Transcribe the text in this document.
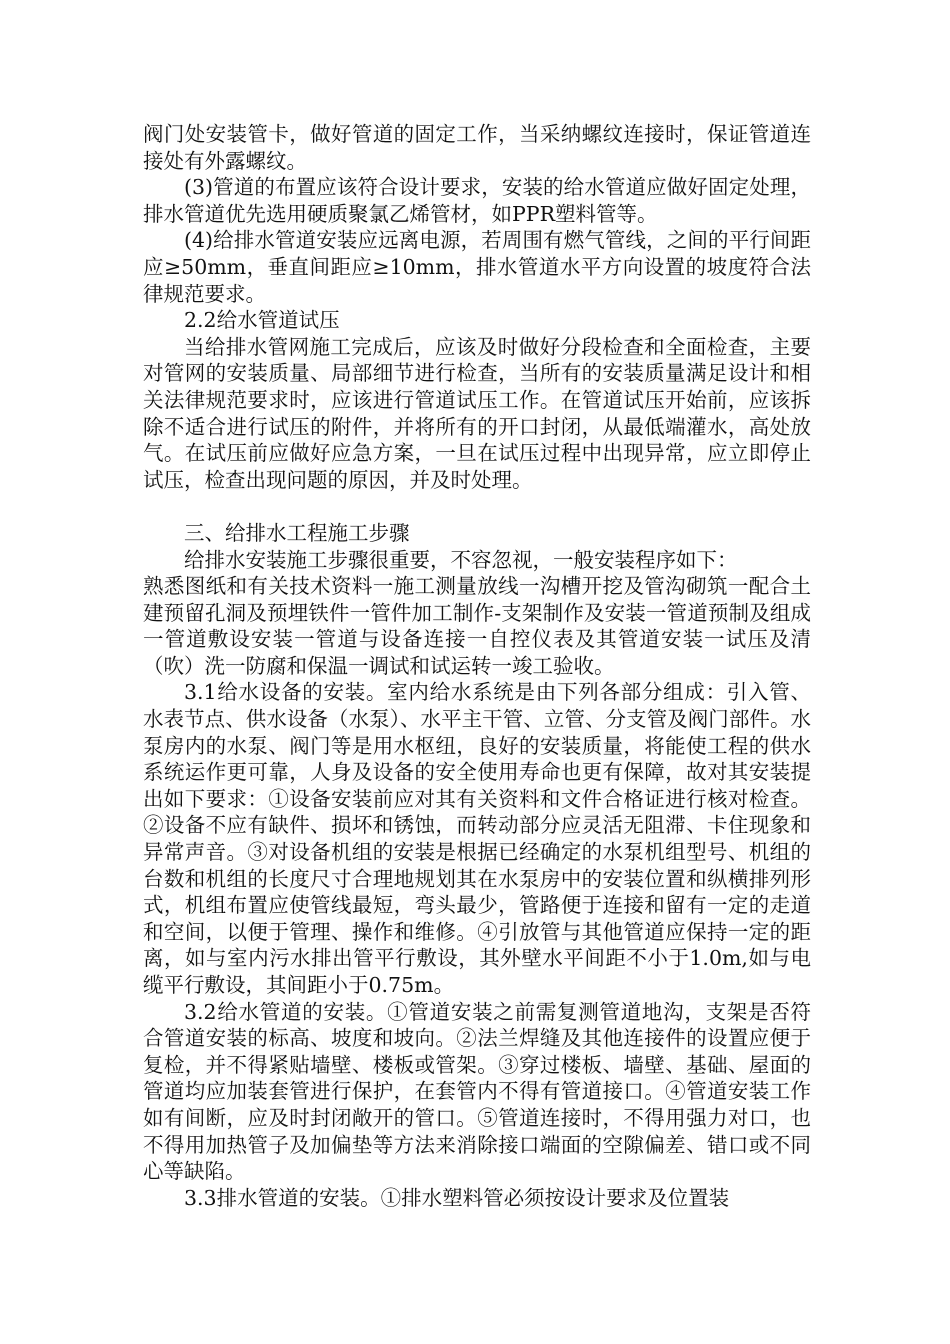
阀门处安装管卡，做好管道的固定工作，当采纳螺纹连接时，保证管道连接处有外露螺纹。

(3)管道的布置应该符合设计要求，安装的给水管道应做好固定处理，排水管道优先选用硬质聚氯乙烯管材，如PPR塑料管等。

(4)给排水管道安装应远离电源，若周围有燃气管线，之间的平行间距应≥50mm，垂直间距应≥10mm，排水管道水平方向设置的坡度符合法律规范要求。

2.2给水管道试压

当给排水管网施工完成后，应该及时做好分段检查和全面检查，主要对管网的安装质量、局部细节进行检查，当所有的安装质量满足设计和相关法律规范要求时，应该进行管道试压工作。在管道试压开始前，应该拆除不适合进行试压的附件，并将所有的开口封闭，从最低端灌水，高处放气。在试压前应做好应急方案，一旦在试压过程中出现异常，应立即停止试压，检查出现问题的原因，并及时处理。

三、给排水工程施工步骤

给排水安装施工步骤很重要，不容忽视，一般安装程序如下：

熟悉图纸和有关技术资料一施工测量放线一沟槽开挖及管沟砌筑一配合土建预留孔洞及预埋铁件一管件加工制作-支架制作及安装一管道预制及组成一管道敷设安装一管道与设备连接一自控仪表及其管道安装一试压及清（吹）洗一防腐和保温一调试和试运转一竣工验收。

3.1给水设备的安装。室内给水系统是由下列各部分组成：引入管、水表节点、供水设备（水泵）、水平主干管、立管、分支管及阀门部件。水泵房内的水泵、阀门等是用水枢纽，良好的安装质量，将能使工程的供水系统运作更可靠，人身及设备的安全使用寿命也更有保障，故对其安装提出如下要求：①设备安装前应对其有关资料和文件合格证进行核对检查。②设备不应有缺件、损坏和锈蚀，而转动部分应灵活无阻滞、卡住现象和异常声音。③对设备机组的安装是根据已经确定的水泵机组型号、机组的台数和机组的长度尺寸合理地规划其在水泵房中的安装位置和纵横排列形式，机组布置应使管线最短，弯头最少，管路便于连接和留有一定的走道和空间，以便于管理、操作和维修。④引放管与其他管道应保持一定的距离，如与室内污水排出管平行敷设，其外壁水平间距不小于1.0m,如与电缆平行敷设，其间距小于0.75m。

3.2给水管道的安装。①管道安装之前需复测管道地沟，支架是否符合管道安装的标高、坡度和坡向。②法兰焊缝及其他连接件的设置应便于复检，并不得紧贴墙壁、楼板或管架。③穿过楼板、墙壁、基础、屋面的管道均应加装套管进行保护，在套管内不得有管道接口。④管道安装工作如有间断，应及时封闭敞开的管口。⑤管道连接时，不得用强力对口，也不得用加热管子及加偏垫等方法来消除接口端面的空隙偏差、错口或不同心等缺陷。

3.3排水管道的安装。①排水塑料管必须按设计要求及位置装
